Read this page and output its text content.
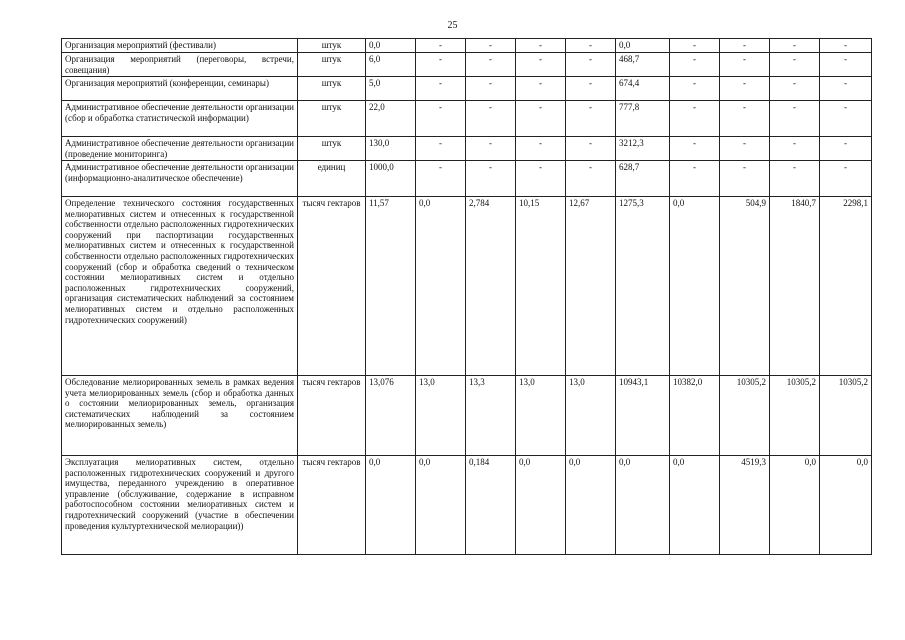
25
Организация мероприятий (фестивали)	штук	0,0	-	-	-	-	0,0	-	-	-	-
Организация мероприятий (переговоры, встречи, совещания)	штук	6,0	-	-	-	-	468,7	-	-	-	-
Организация мероприятий (конференции, семинары)	штук	5,0	-	-	-	-	674,4	-	-	-	-
Административное обеспечение деятельности организации (сбор и обработка статистической информации)	штук	22,0	-	-	-	-	777,8	-	-	-	-
Административное обеспечение деятельности организации (проведение мониторинга)	штук	130,0	-	-	-	-	3212,3	-	-	-	-
Административное обеспечение деятельности организации (информационно-аналитическое обеспечение)	единиц	1000,0	-	-	-	-	628,7	-	-	-	-
Определение технического состояния государственных мелиоративных систем и отнесенных к государственной собственности отдельно расположенных гидротехнических сооружений при паспортизации государственных мелиоративных систем и отнесенных к государственной собственности отдельно расположенных гидротехнических сооружений (сбор и обработка сведений о техническом состоянии мелиоративных систем и отдельно расположенных гидротехнических сооружений, организация систематических наблюдений за состоянием мелиоративных систем и отдельно расположенных гидротехнических сооружений)	тысяч гектаров	11,57	0,0	2,784	10,15	12,67	1275,3	0,0	504,9	1840,7	2298,1
Обследование мелиорированных земель в рамках ведения учета мелиорированных земель (сбор и обработка данных о состоянии мелиорированных земель, организация систематических наблюдений за состоянием мелиорированных земель)	тысяч гектаров	13,076	13,0	13,3	13,0	13,0	10943,1	10382,0	10305,2	10305,2	10305,2
Эксплуатация мелиоративных систем, отдельно расположенных гидротехнических сооружений и другого имущества, переданного учреждению в оперативное управление (обслуживание, содержание в исправном работоспособном состоянии мелиоративных систем и гидротехнический сооружений (участие в обеспечении проведения культуртехнической мелиорации))	тысяч гектаров	0,0	0,0	0,184	0,0	0,0	0,0	0,0	4519,3	0,0	0,0
